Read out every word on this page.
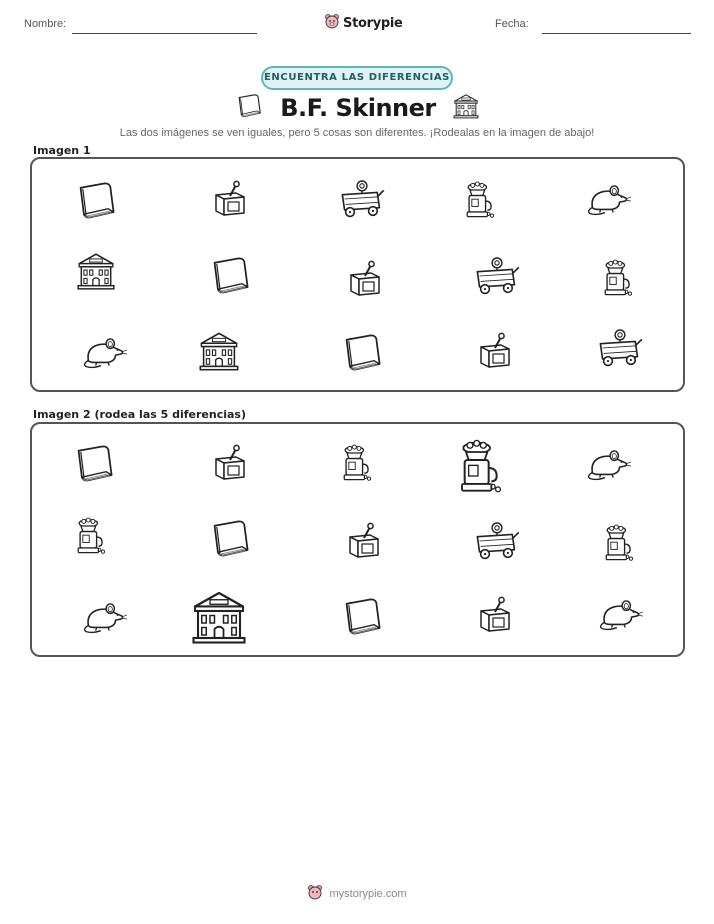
Nombre:	Storypie	Fecha:
ENCUENTRA LAS DIFERENCIAS
B.F. Skinner
Las dos imágenes se ven iguales, pero 5 cosas son diferentes. ¡Rodealas en la imagen de abajo!
Imagen 1
Imagen 2 (rodea las 5 diferencias)
mystorypie.com
